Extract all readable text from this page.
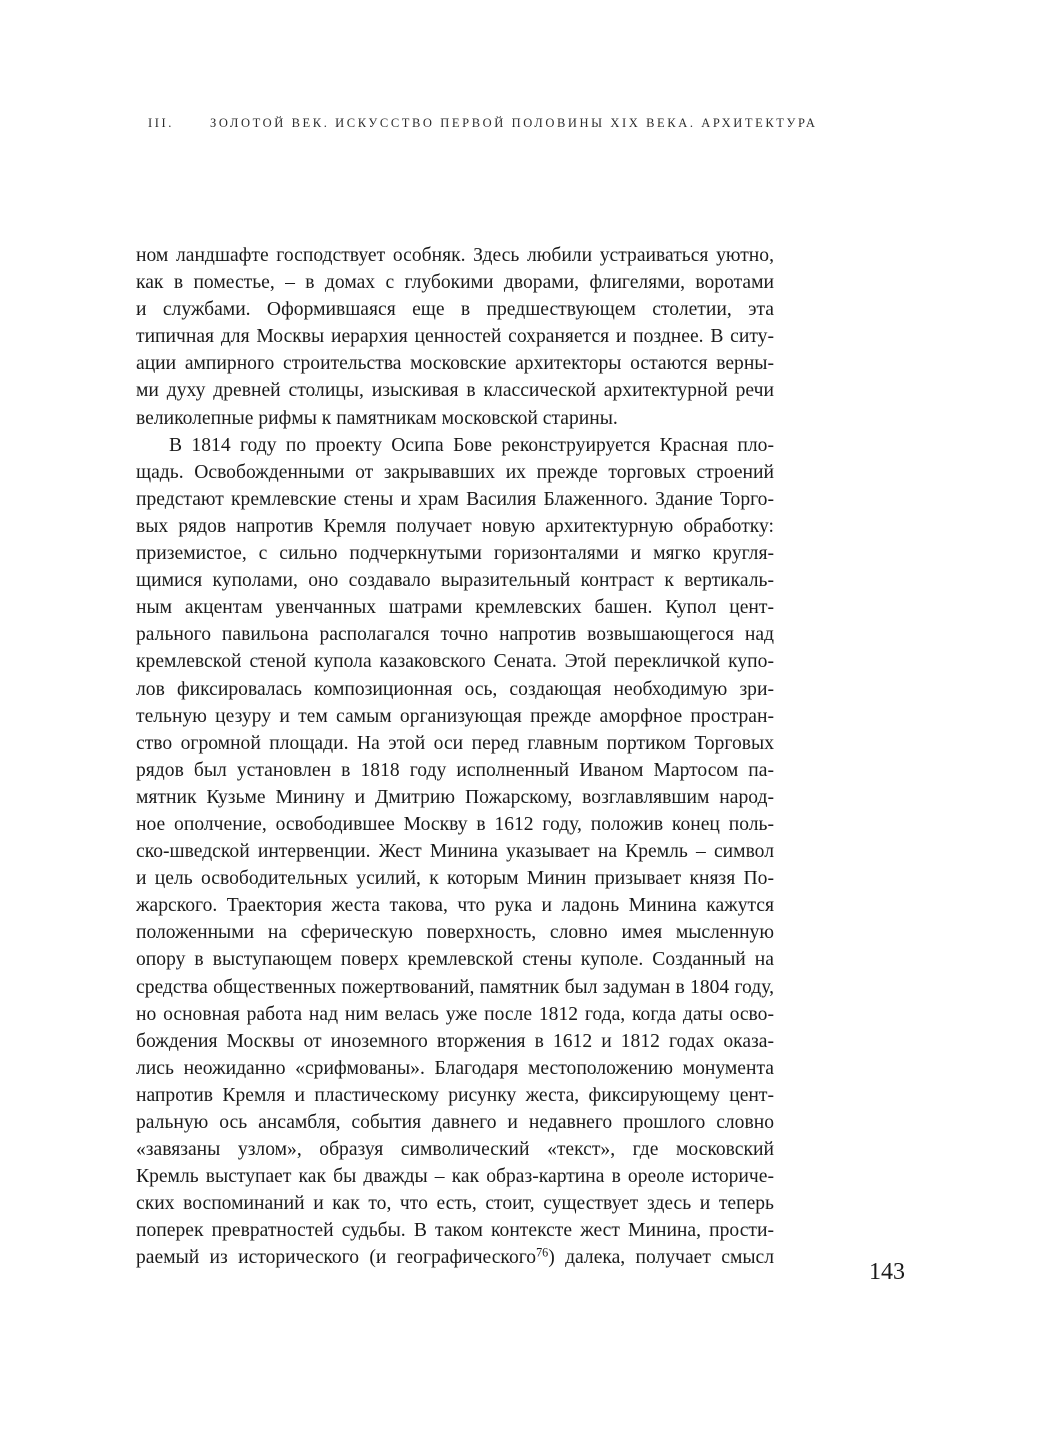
III.	ЗОЛОТОЙ ВЕК. ИСКУССТВО ПЕРВОЙ ПОЛОВИНЫ XIX ВЕКА. АРХИТЕКТУРА
ном ландшафте господствует особняк. Здесь любили устраиваться уютно,
как в поместье, – в домах с глубокими дворами, флигелями, воротами
и службами. Оформившаяся еще в предшествующем столетии, эта
типичная для Москвы иерархия ценностей сохраняется и позднее. В ситу-
ации ампирного строительства московские архитекторы остаются верны-
ми духу древней столицы, изыскивая в классической архитектурной речи
великолепные рифмы к памятникам московской старины.
В 1814 году по проекту Осипа Бове реконструируется Красная пло-
щадь. Освобожденными от закрывавших их прежде торговых строений
предстают кремлевские стены и храм Василия Блаженного. Здание Торго-
вых рядов напротив Кремля получает новую архитектурную обработку:
приземистое, с сильно подчеркнутыми горизонталями и мягко кругля-
щимися куполами, оно создавало выразительный контраст к вертикаль-
ным акцентам увенчанных шатрами кремлевских башен. Купол цент-
рального павильона располагался точно напротив возвышающегося над
кремлевской стеной купола казаковского Сената. Этой перекличкой купо-
лов фиксировалась композиционная ось, создающая необходимую зри-
тельную цезуру и тем самым организующая прежде аморфное простран-
ство огромной площади. На этой оси перед главным портиком Торговых
рядов был установлен в 1818 году исполненный Иваном Мартосом па-
мятник Кузьме Минину и Дмитрию Пожарскому, возглавлявшим народ-
ное ополчение, освободившее Москву в 1612 году, положив конец поль-
ско-шведской интервенции. Жест Минина указывает на Кремль – символ
и цель освободительных усилий, к которым Минин призывает князя По-
жарского. Траектория жеста такова, что рука и ладонь Минина кажутся
положенными на сферическую поверхность, словно имея мысленную
опору в выступающем поверх кремлевской стены куполе. Созданный на
средства общественных пожертвований, памятник был задуман в 1804 году,
но основная работа над ним велась уже после 1812 года, когда даты осво-
бождения Москвы от иноземного вторжения в 1612 и 1812 годах оказа-
лись неожиданно «срифмованы». Благодаря местоположению монумента
напротив Кремля и пластическому рисунку жеста, фиксирующему цент-
ральную ось ансамбля, события давнего и недавнего прошлого словно
«завязаны узлом», образуя символический «текст», где московский
Кремль выступает как бы дважды – как образ-картина в ореоле историче-
ских воспоминаний и как то, что есть, стоит, существует здесь и теперь
поперек превратностей судьбы. В таком контексте жест Минина, прости-
раемый из исторического (и географического$^{76}$) далека, получает смысл
143
